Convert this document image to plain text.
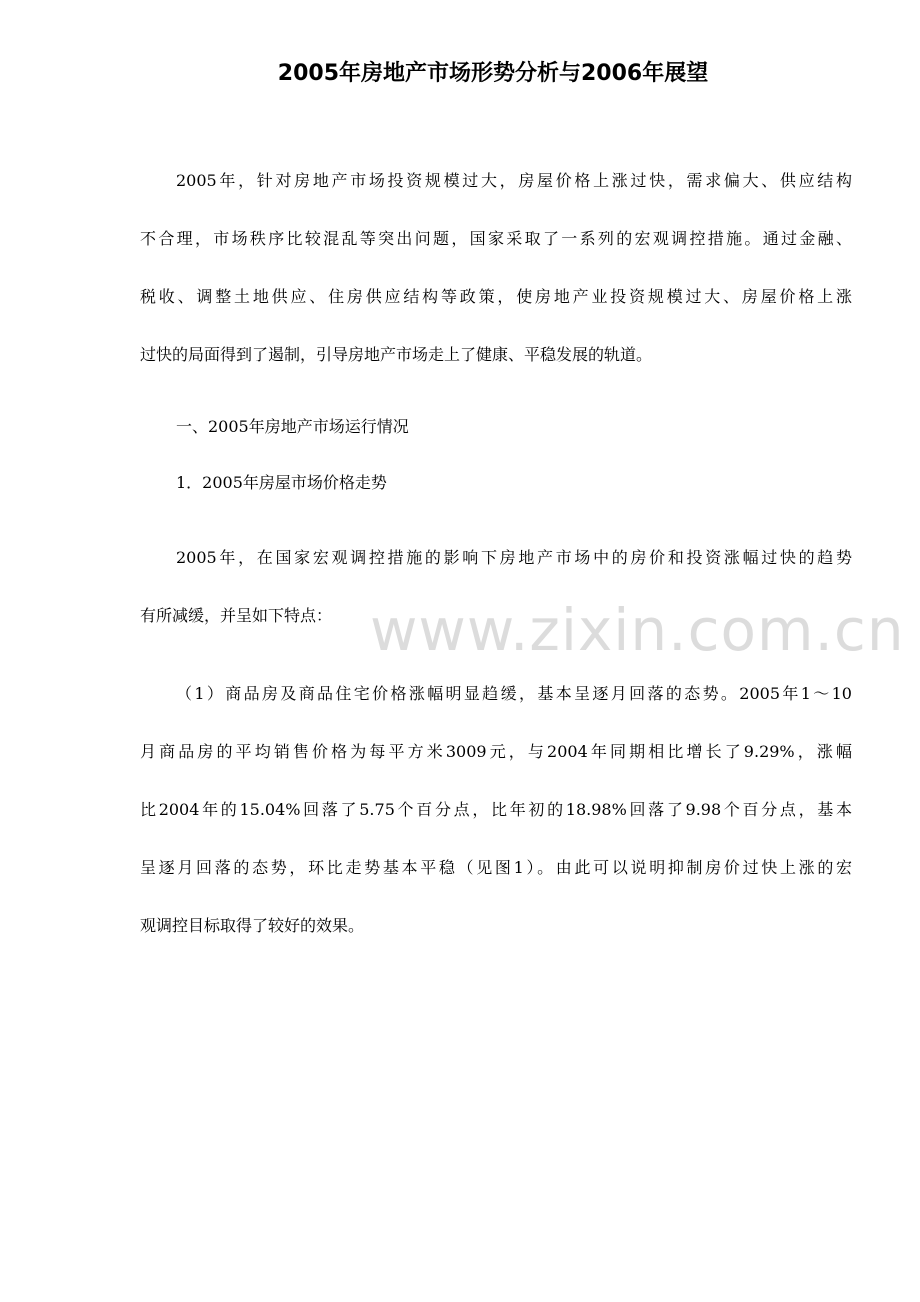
2005年房地产市场形势分析与2006年展望
2005年，针对房地产市场投资规模过大，房屋价格上涨过快，需求偏大、供应结构
不合理，市场秩序比较混乱等突出问题，国家采取了一系列的宏观调控措施。通过金融、
税收、调整土地供应、住房供应结构等政策，使房地产业投资规模过大、房屋价格上涨
过快的局面得到了遏制，引导房地产市场走上了健康、平稳发展的轨道。
一、2005年房地产市场运行情况
1．2005年房屋市场价格走势
2005年，在国家宏观调控措施的影响下房地产市场中的房价和投资涨幅过快的趋势
有所减缓，并呈如下特点：
（1）商品房及商品住宅价格涨幅明显趋缓，基本呈逐月回落的态势。2005年1～10
月商品房的平均销售价格为每平方米3009元，与2004年同期相比增长了9.29%，涨幅
比2004年的15.04%回落了5.75个百分点，比年初的18.98%回落了9.98个百分点，基本
呈逐月回落的态势，环比走势基本平稳（见图1）。由此可以说明抑制房价过快上涨的宏
观调控目标取得了较好的效果。
www.zixin.com.cn
